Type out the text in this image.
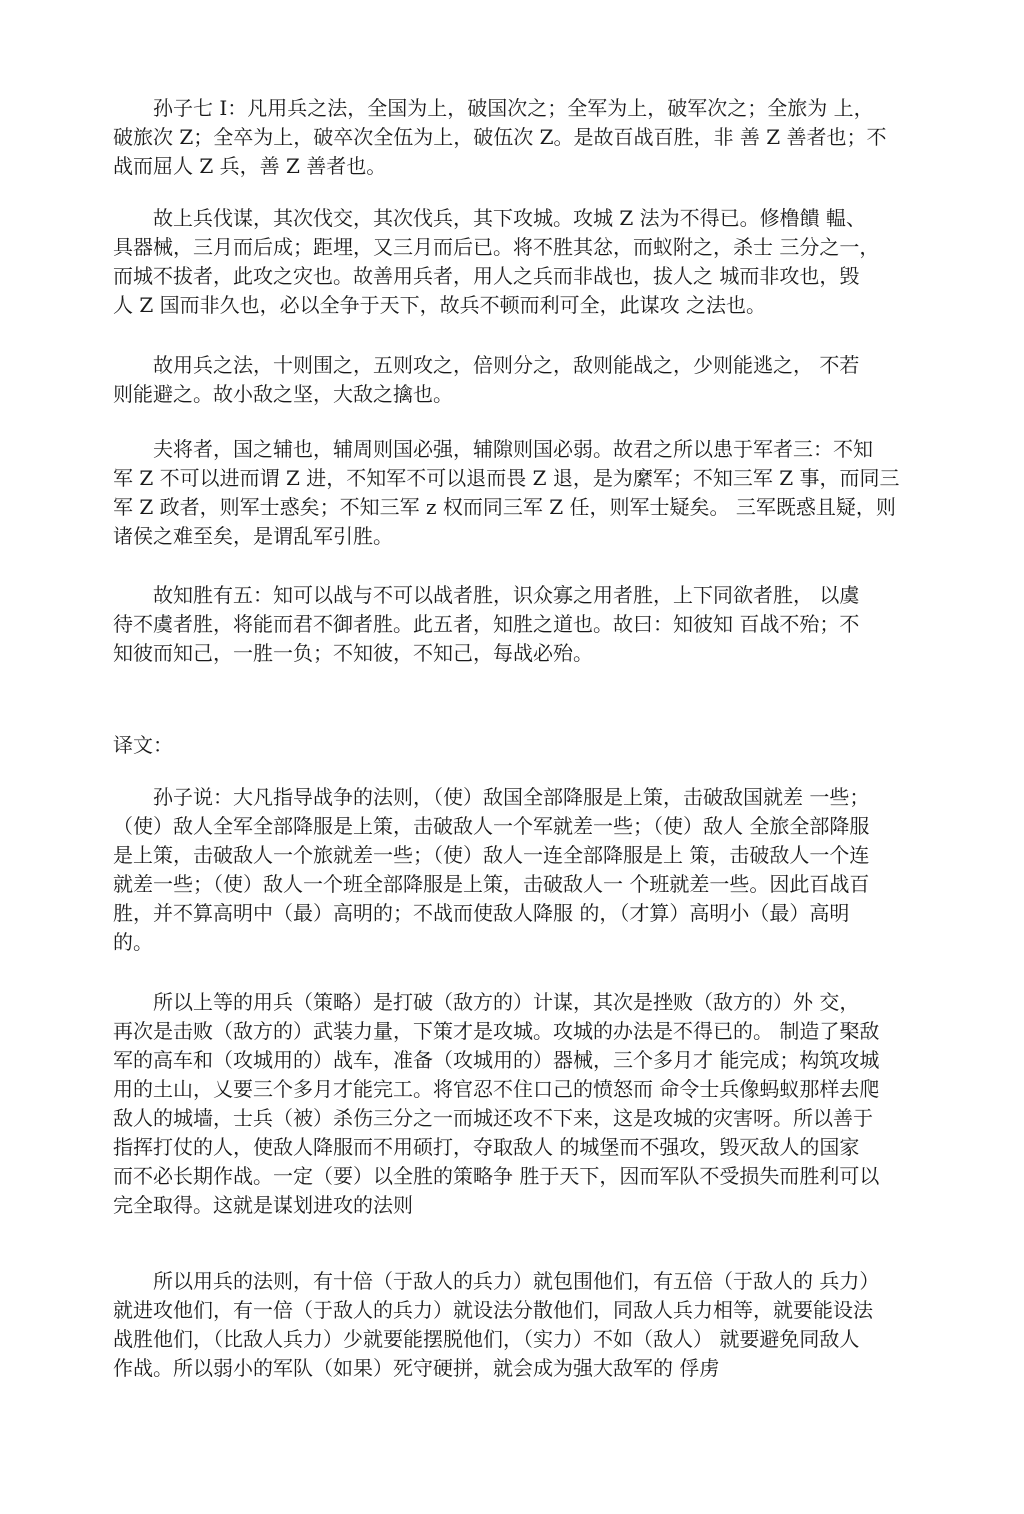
孙子七 I：凡用兵之法，全国为上，破国次之；全军为上，破军次之；全旅为 上，
破旅次 Z；全卒为上，破卒次全伍为上，破伍次 Z。是故百战百胜，非 善 Z 善者也；不
战而屈人 Z 兵，善 Z 善者也。
故上兵伐谋，其次伐交，其次伐兵，其下攻城。攻城 Z 法为不得已。修橹饋 輼、
具器械，三月而后成；距埋，又三月而后已。将不胜其忿，而蚁附之，杀士 三分之一，
而城不拔者，此攻之灾也。故善用兵者，用人之兵而非战也，拔人之 城而非攻也，毁
人 Z 国而非久也，必以全争于天下，故兵不顿而利可全，此谋攻 之法也。
故用兵之法，十则围之，五则攻之，倍则分之，敌则能战之，少则能逃之， 不若
则能避之。故小敌之坚，大敌之擒也。
夫将者，国之辅也，辅周则国必强，辅隙则国必弱。故君之所以患于军者三：不知
军 Z 不可以进而谓 Z 进，不知军不可以退而畏 Z 退，是为縻军；不知三军 Z 事，而同三
军 Z 政者，则军士惑矣；不知三军 z 权而同三军 Z 任，则军士疑矣。 三军既惑且疑，则
诸侯之难至矣，是谓乱军引胜。
故知胜有五：知可以战与不可以战者胜，识众寡之用者胜，上下同欲者胜， 以虞
待不虞者胜，将能而君不御者胜。此五者，知胜之道也。故曰：知彼知 百战不殆；不
知彼而知己，一胜一负；不知彼，不知己，每战必殆。
译文：
孙子说：大凡指导战争的法则，（使）敌国全部降服是上策，击破敌国就差 一些；
（使）敌人全军全部降服是上策，击破敌人一个军就差一些；（使）敌人 全旅全部降服
是上策，击破敌人一个旅就差一些；（使）敌人一连全部降服是上 策，击破敌人一个连
就差一些；（使）敌人一个班全部降服是上策，击破敌人一 个班就差一些。因此百战百
胜，并不算高明中（最）高明的；不战而使敌人降服 的，（才算）高明小（最）高明
的。
所以上等的用兵（策略）是打破（敌方的）计谋，其次是挫败（敌方的）外 交，
再次是击败（敌方的）武装力量，下策才是攻城。攻城的办法是不得已的。 制造了棸敌
军的高车和（攻城用的）战车，准备（攻城用的）器械，三个多月才 能完成；构筑攻城
用的土山，乂要三个多月才能完工。将官忍不住口己的愤怒而 命令士兵像蚂蚁那样去爬
敌人的城墙，士兵（被）杀伤三分之一而城还攻不下来，这是攻城的灾害呀。所以善于
指挥打仗的人，使敌人降服而不用硕打，夺取敌人 的城堡而不强攻，毁灭敌人的国家
而不必长期作战。一定（要）以全胜的策略争 胜于天下，因而军队不受损失而胜利可以
完全取得。这就是谋划进攻的法则
所以用兵的法则，有十倍（于敌人的兵力）就包围他们，有五倍（于敌人的 兵力）
就进攻他们，有一倍（于敌人的兵力）就设法分散他们，同敌人兵力相等，就要能设法
战胜他们，（比敌人兵力）少就要能摆脱他们，（实力）不如（敌人） 就要避免同敌人
作战。所以弱小的军队（如果）死守硬拼，就会成为强大敌军的 俘虏
